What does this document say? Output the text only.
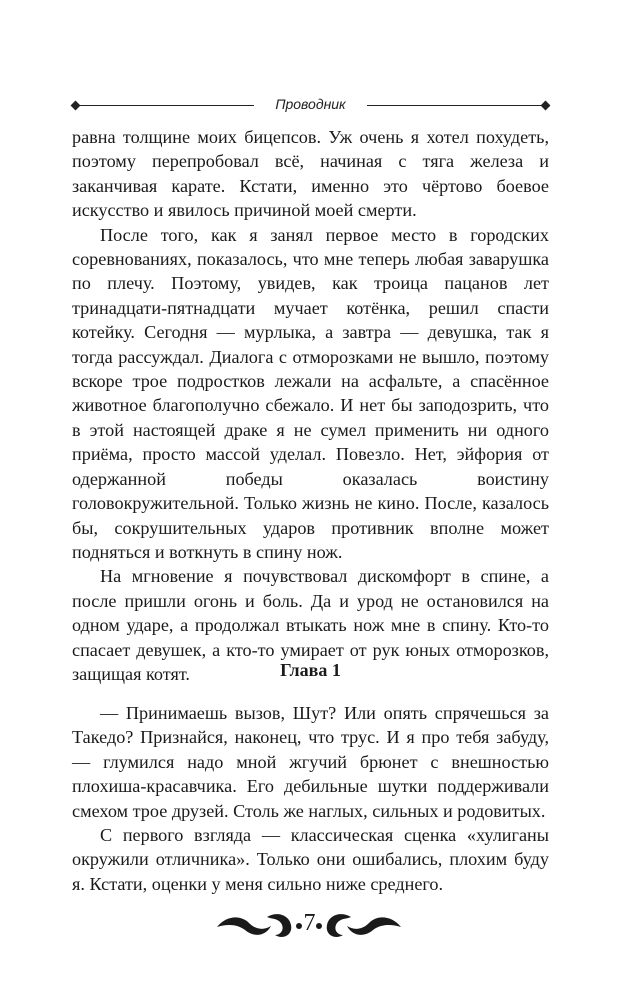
Проводник

равна толщине моих бицепсов. Уж очень я хотел похудеть, поэтому перепробовал всё, начиная с тяга железа и заканчивая карате. Кстати, именно это чёртово боевое искусство и явилось причиной моей смерти.

После того, как я занял первое место в городских соревнованиях, показалось, что мне теперь любая заварушка по плечу. Поэтому, увидев, как троица пацанов лет тринадцати-пятнадцати мучает котёнка, решил спасти котейку. Сегодня — мурлыка, а завтра — девушка, так я тогда рассуждал. Диалога с отморозками не вышло, поэтому вскоре трое подростков лежали на асфальте, а спасённое животное благополучно сбежало. И нет бы заподозрить, что в этой настоящей драке я не сумел применить ни одного приёма, просто массой уделал. Повезло. Нет, эйфория от одержанной победы оказалась воистину головокружительной. Только жизнь не кино. После, казалось бы, сокрушительных ударов противник вполне может подняться и воткнуть в спину нож.

На мгновение я почувствовал дискомфорт в спине, а после пришли огонь и боль. Да и урод не остановился на одном ударе, а продолжал втыкать нож мне в спину. Кто-то спасает девушек, а кто-то умирает от рук юных отморозков, защищая котят.	Глава 1

— Принимаешь вызов, Шут? Или опять спрячешься за Такедо? Признайся, наконец, что трус. И я про тебя забуду, — глумился надо мной жгучий брюнет с внешностью плохиша-красавчика. Его дебильные шутки поддерживали смехом трое друзей. Столь же наглых, сильных и родовитых.

С первого взгляда — классическая сценка «хулиганы окружили отличника». Только они ошибались, плохим буду я. Кстати, оценки у меня сильно ниже среднего.

7
